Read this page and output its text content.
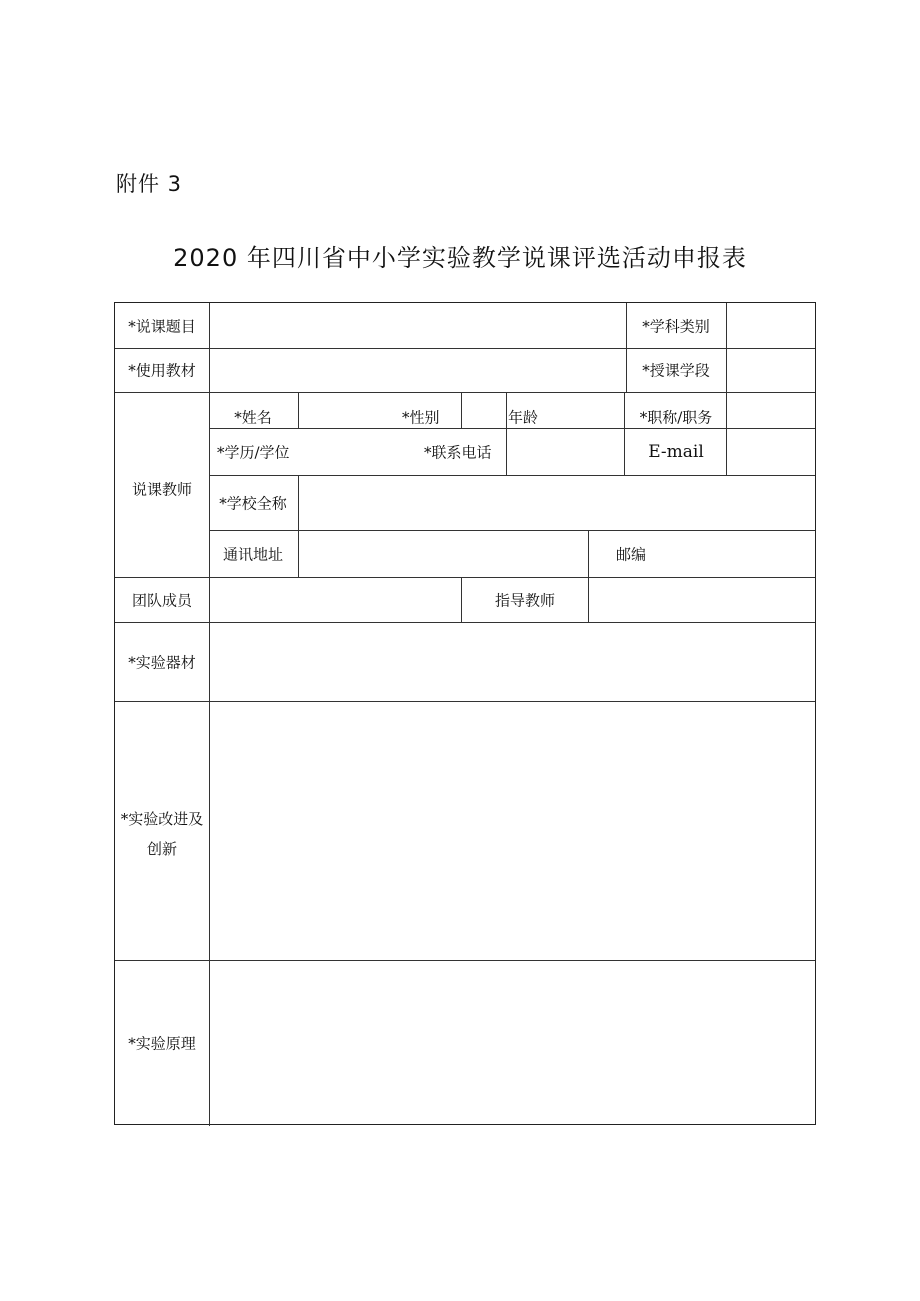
附件 3
2020 年四川省中小学实验教学说课评选活动申报表
*说课题目	*学科类别
*使用教材	*授课学段
说课教师
*姓名	*性别	年龄	*职称/职务
*学历/学位	*联系电话	E-mail
*学校全称
通讯地址	邮编
团队成员	指导教师
*实验器材
*实验改进及创新
*实验原理
